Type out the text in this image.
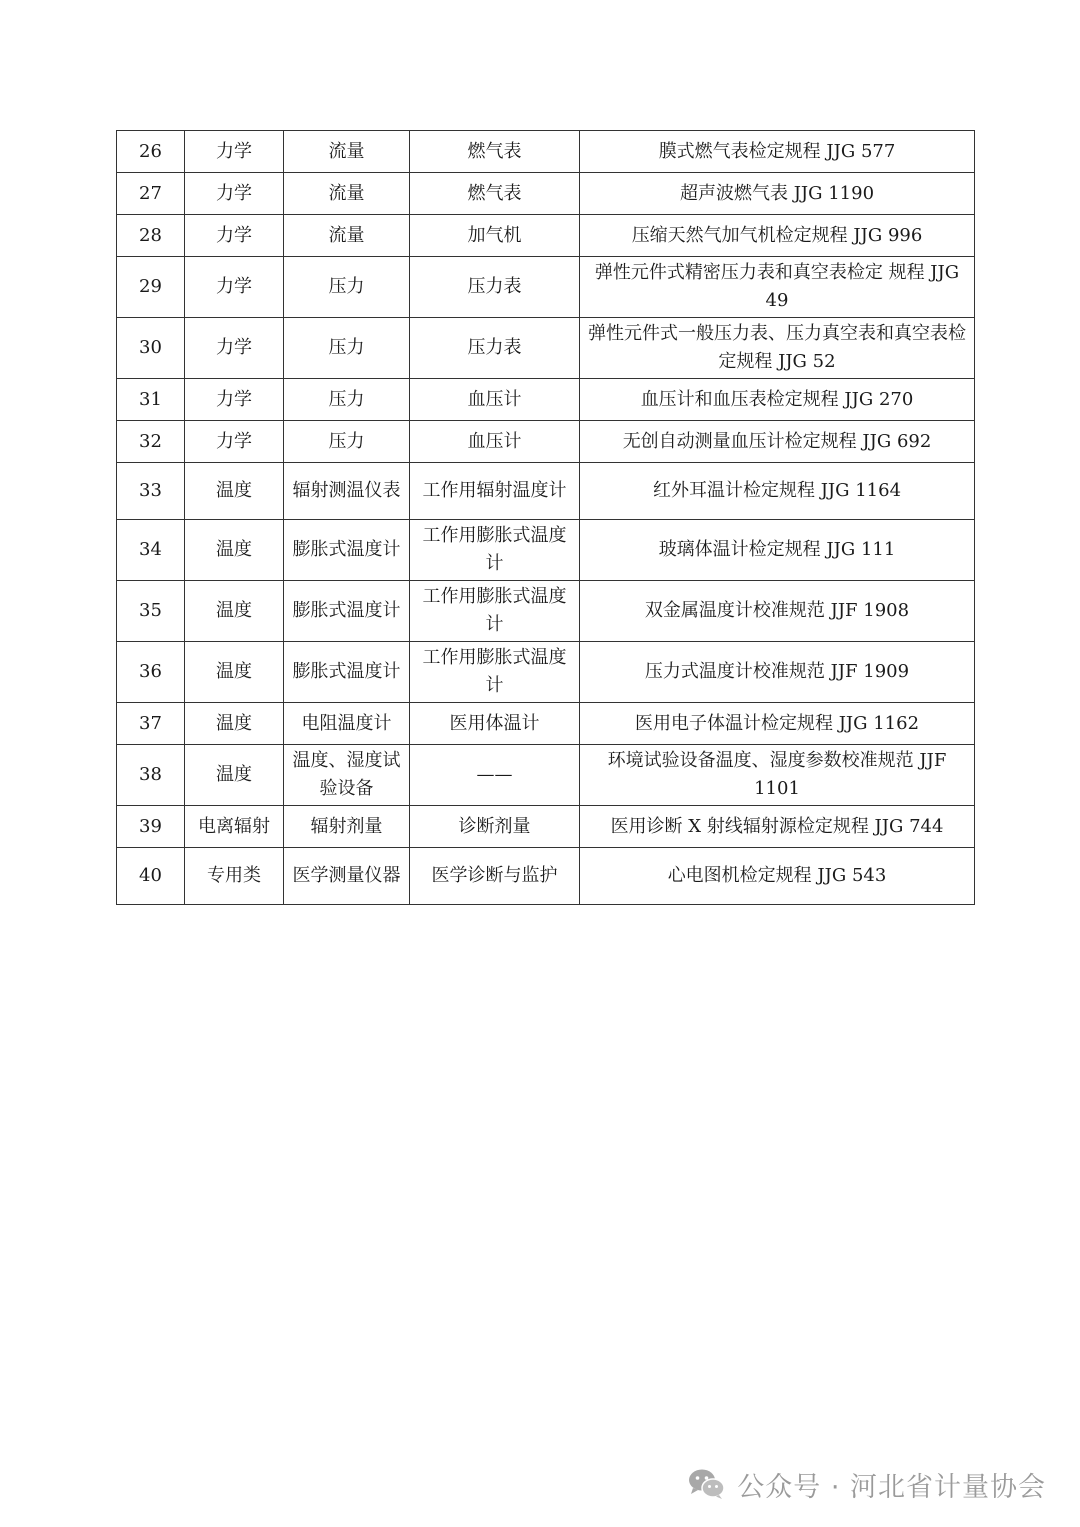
26	力学	流量	燃气表	膜式燃气表检定规程 JJG 577
27	力学	流量	燃气表	超声波燃气表 JJG 1190
28	力学	流量	加气机	压缩天然气加气机检定规程 JJG 996
29	力学	压力	压力表	弹性元件式精密压力表和真空表检定 规程 JJG 49
30	力学	压力	压力表	弹性元件式一般压力表、压力真空表和真空表检定规程 JJG 52
31	力学	压力	血压计	血压计和血压表检定规程 JJG 270
32	力学	压力	血压计	无创自动测量血压计检定规程 JJG 692
33	温度	辐射测温仪表	工作用辐射温度计	红外耳温计检定规程 JJG 1164
34	温度	膨胀式温度计	工作用膨胀式温度计	玻璃体温计检定规程 JJG 111
35	温度	膨胀式温度计	工作用膨胀式温度计	双金属温度计校准规范 JJF 1908
36	温度	膨胀式温度计	工作用膨胀式温度计	压力式温度计校准规范 JJF 1909
37	温度	电阻温度计	医用体温计	医用电子体温计检定规程 JJG 1162
38	温度	温度、湿度试验设备	——	环境试验设备温度、湿度参数校准规范 JJF 1101
39	电离辐射	辐射剂量	诊断剂量	医用诊断 X 射线辐射源检定规程 JJG 744
40	专用类	医学测量仪器	医学诊断与监护	心电图机检定规程 JJG 543
公众号 · 河北省计量协会
